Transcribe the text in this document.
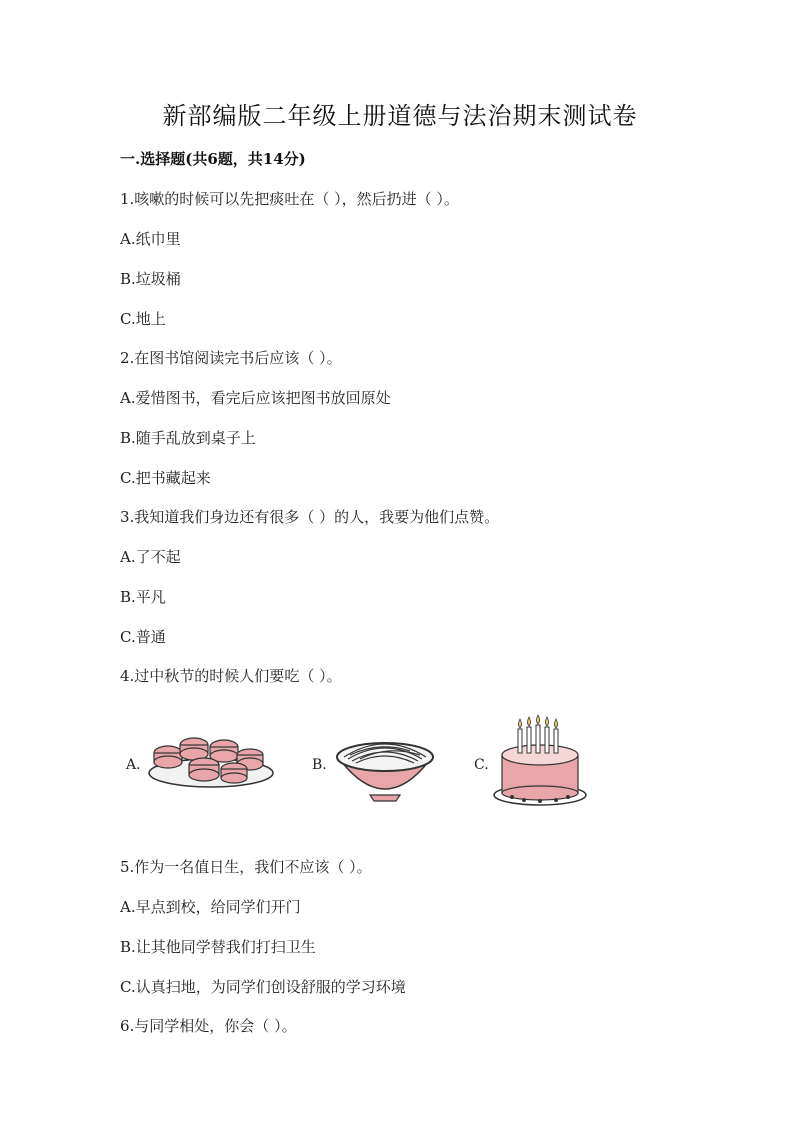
新部编版二年级上册道德与法治期末测试卷
一.选择题(共6题，共14分)
1.咳嗽的时候可以先把痰吐在（ ），然后扔进（ ）。
A.纸巾里
B.垃圾桶
C.地上
2.在图书馆阅读完书后应该（ ）。
A.爱惜图书，看完后应该把图书放回原处
B.随手乱放到桌子上
C.把书藏起来
3.我知道我们身边还有很多（ ）的人，我要为他们点赞。
A.了不起
B.平凡
C.普通
4.过中秋节的时候人们要吃（ ）。
A.	B.	C.
5.作为一名值日生，我们不应该（ ）。
A.早点到校，给同学们开门
B.让其他同学替我们打扫卫生
C.认真扫地，为同学们创设舒服的学习环境
6.与同学相处，你会（ ）。
